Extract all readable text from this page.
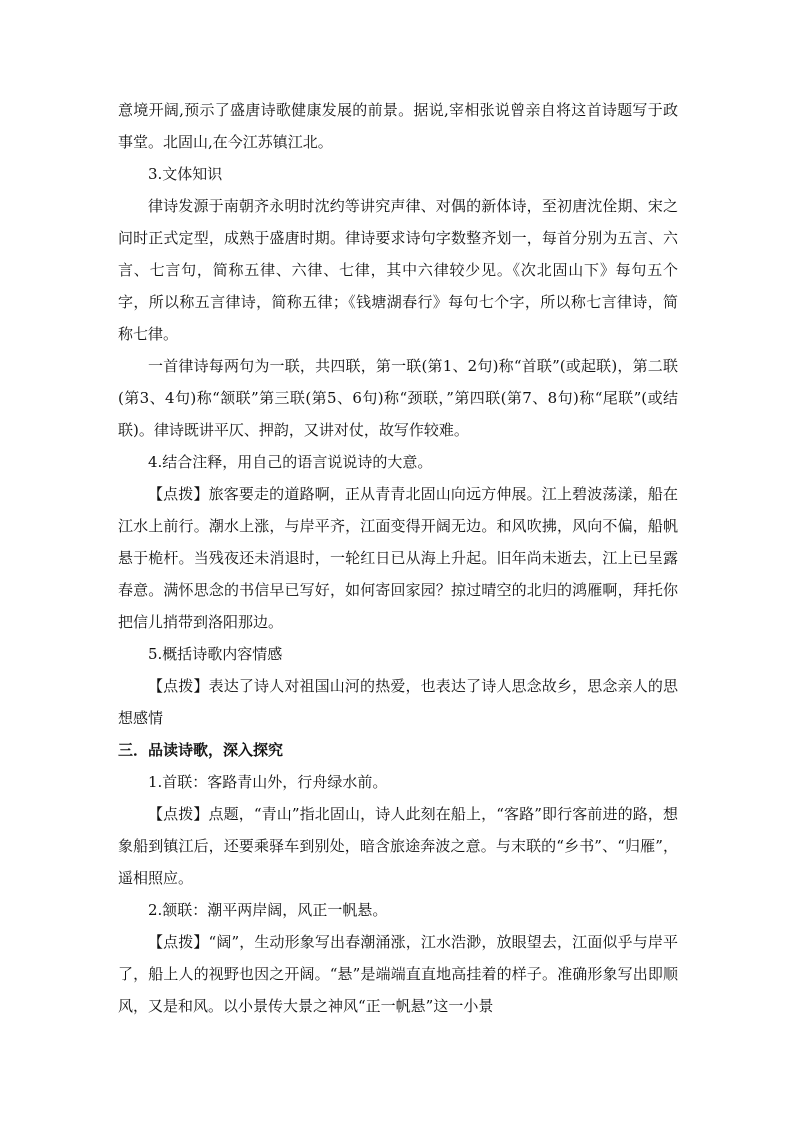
意境开阔,预示了盛唐诗歌健康发展的前景。据说,宰相张说曾亲自将这首诗题写于政事堂。北固山,在今江苏镇江北。

3.文体知识

律诗发源于南朝齐永明时沈约等讲究声律、对偶的新体诗，至初唐沈佺期、宋之问时正式定型，成熟于盛唐时期。律诗要求诗句字数整齐划一，每首分别为五言、六言、七言句，简称五律、六律、七律，其中六律较少见。《次北固山下》每句五个字，所以称五言律诗，简称五律；《钱塘湖春行》每句七个字，所以称七言律诗，简称七律。

一首律诗每两句为一联，共四联，第一联(第1、2句)称“首联”(或起联)，第二联(第3、4句)称“颔联”第三联(第5、6句)称“颈联，”第四联(第7、8句)称“尾联”(或结联)。律诗既讲平仄、押韵，又讲对仗，故写作较难。

4.结合注释，用自己的语言说说诗的大意。

【点拨】旅客要走的道路啊，正从青青北固山向远方伸展。江上碧波荡漾，船在江水上前行。潮水上涨，与岸平齐，江面变得开阔无边。和风吹拂，风向不偏，船帆悬于桅杆。当残夜还未消退时，一轮红日已从海上升起。旧年尚未逝去，江上已呈露春意。满怀思念的书信早已写好，如何寄回家园？掠过晴空的北归的鸿雁啊，拜托你把信儿捎带到洛阳那边。

5.概括诗歌内容情感

【点拨】表达了诗人对祖国山河的热爱，也表达了诗人思念故乡，思念亲人的思想感情

三．品读诗歌，深入探究

1.首联：客路青山外，行舟绿水前。

【点拨】点题，“青山”指北固山，诗人此刻在船上，“客路”即行客前进的路，想象船到镇江后，还要乘驿车到别处，暗含旅途奔波之意。与末联的“乡书”、“归雁”，遥相照应。

2.颔联：潮平两岸阔，风正一帆悬。

【点拨】“阔”，生动形象写出春潮涌涨，江水浩渺，放眼望去，江面似乎与岸平了，船上人的视野也因之开阔。“悬”是端端直直地高挂着的样子。准确形象写出即顺风，又是和风。以小景传大景之神风“正一帆悬”这一小景
